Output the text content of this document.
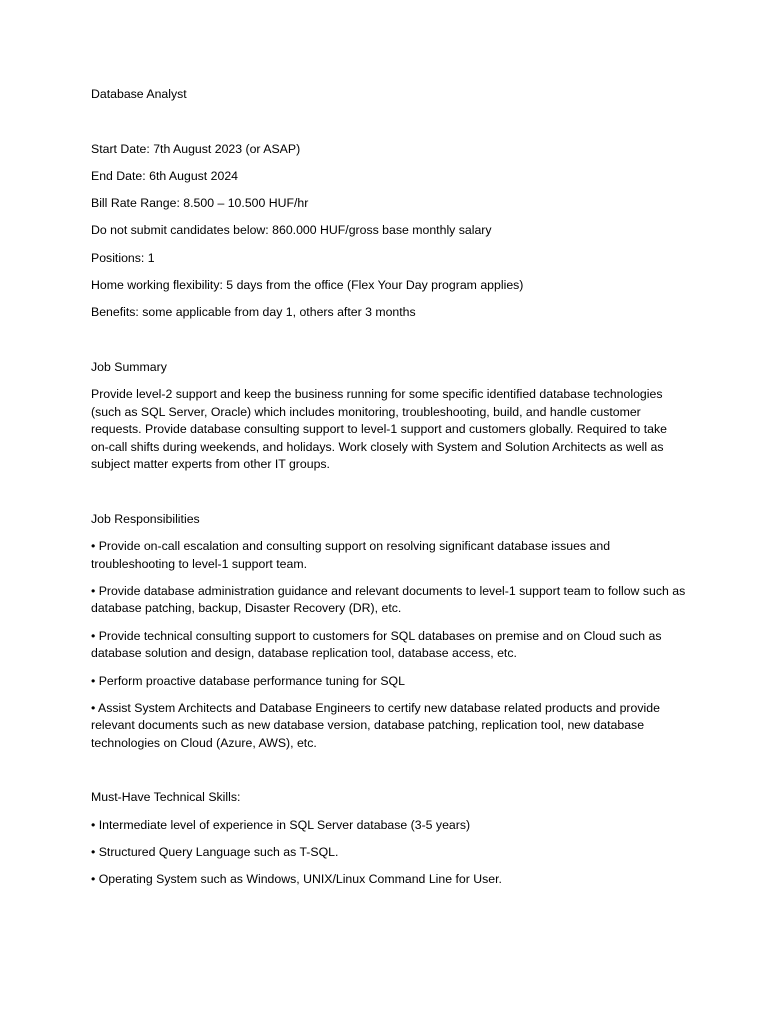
Database Analyst

Start Date: 7th August 2023 (or ASAP)

End Date: 6th August 2024

Bill Rate Range: 8.500 – 10.500 HUF/hr

Do not submit candidates below: 860.000 HUF/gross base monthly salary

Positions: 1

Home working flexibility: 5 days from the office (Flex Your Day program applies)

Benefits: some applicable from day 1, others after 3 months

Job Summary

Provide level-2 support and keep the business running for some specific identified database technologies (such as SQL Server, Oracle) which includes monitoring, troubleshooting, build, and handle customer requests. Provide database consulting support to level-1 support and customers globally. Required to take on-call shifts during weekends, and holidays. Work closely with System and Solution Architects as well as subject matter experts from other IT groups.

Job Responsibilities

• Provide on-call escalation and consulting support on resolving significant database issues and troubleshooting to level-1 support team.

• Provide database administration guidance and relevant documents to level-1 support team to follow such as database patching, backup, Disaster Recovery (DR), etc.

• Provide technical consulting support to customers for SQL databases on premise and on Cloud such as database solution and design, database replication tool, database access, etc.

• Perform proactive database performance tuning for SQL

• Assist System Architects and Database Engineers to certify new database related products and provide relevant documents such as new database version, database patching, replication tool, new database technologies on Cloud (Azure, AWS), etc.

Must-Have Technical Skills:

• Intermediate level of experience in SQL Server database (3-5 years)

• Structured Query Language such as T-SQL.

• Operating System such as Windows, UNIX/Linux Command Line for User.
